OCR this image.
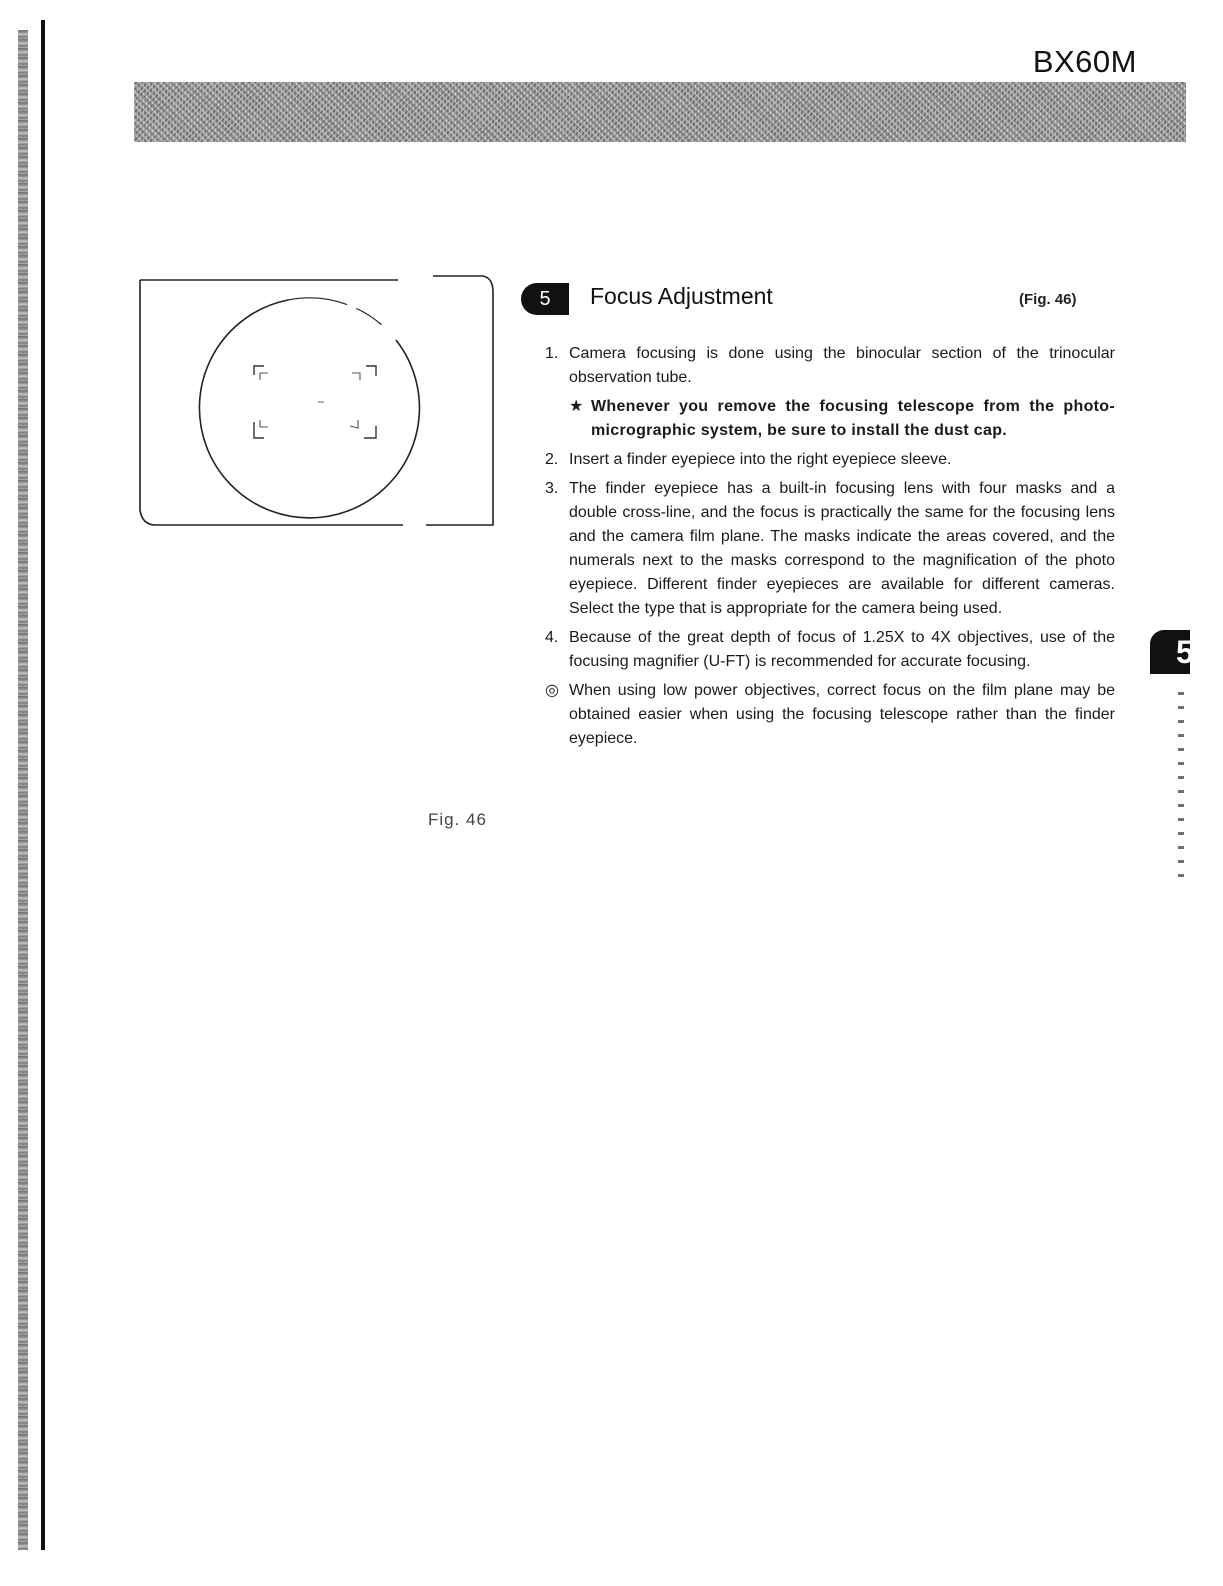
BX60M
Fig. 46
5	Focus Adjustment	(Fig. 46)
1. Camera focusing is done using the binocular section of the trinocular observation tube.
★ Whenever you remove the focusing telescope from the photo-micrographic system, be sure to install the dust cap.
2. Insert a finder eyepiece into the right eyepiece sleeve.
3. The finder eyepiece has a built-in focusing lens with four masks and a double cross-line, and the focus is practically the same for the focusing lens and the camera film plane. The masks indicate the areas covered, and the numerals next to the masks correspond to the magnification of the photo eyepiece. Different finder eyepieces are available for different cameras. Select the type that is appropriate for the camera being used.
4. Because of the great depth of focus of 1.25X to 4X objectives, use of the focusing magnifier (U-FT) is recommended for accurate focusing.
◎ When using low power objectives, correct focus on the film plane may be obtained easier when using the focusing telescope rather than the finder eyepiece.
5
